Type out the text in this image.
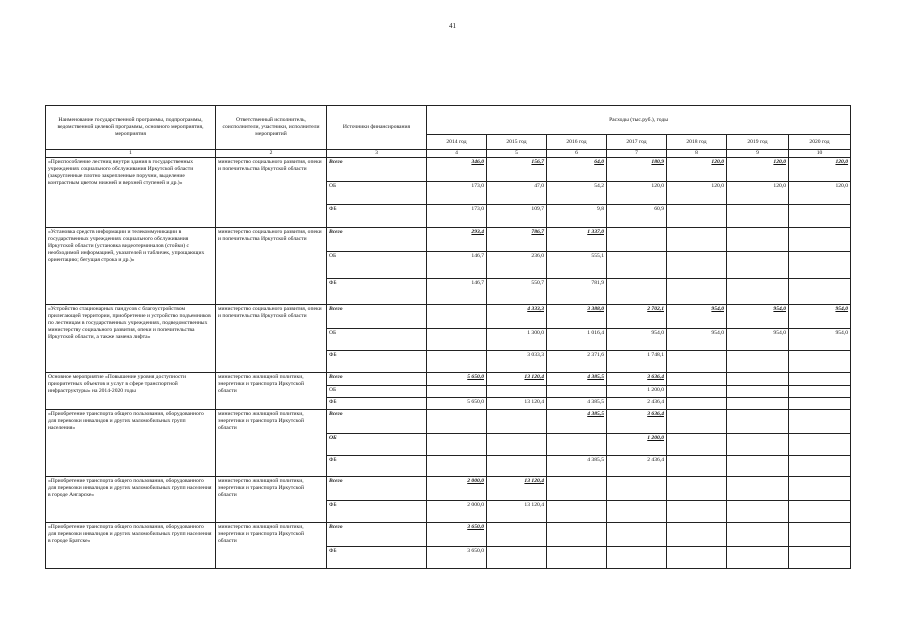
41
Наименование государственной программы, подпрограммы, ведомственной целевой программы, основного мероприятия, мероприятия	Ответственный исполнитель, соисполнители, участники, исполнители мероприятий	Источники финансирования	Расходы (тыс.руб.), годы						
			2014 год	2015 год	2016 год	2017 год	2018 год	2019 год	2020 год
1	2	3	4	5	6	7	8	9	10
«Приспособление лестниц внутри здания в государственных учреждениях социального обслуживания Иркутской области (закругленные плотно закрепленные поручни, выделение контрастным цветом нижней и верхней ступеней и др.)»	министерство социального развития, опеки и попечительства Иркутской области	Всего	346,0	156,7	64,0	180,9	120,0	120,0	120,0
		ОБ	173,0	47,0	54,2	120,0	120,0	120,0	120,0
		ФБ	173,0	109,7	9,8	60,9			
«Установка средств информации и телекоммуникации в государственных учреждениях социального обслуживания Иркутской области (установка видеотерминалов (стойки) с необходимой информацией, указателей и табличек, упрощающих ориентацию; бегущая строка и др.)»	министерство социального развития, опеки и попечительства Иркутской области	Всего	293,4	786,7	1 337,0				
		ОБ	146,7	236,0	555,1				
		ФБ	146,7	550,7	781,9				
«Устройство стационарных пандусов с благоустройством прилегающей территории, приобретение и устройство подъемников по лестницам в государственных учреждениях, подведомственных министерству социального развития, опеки и попечительства Иркутской области, а также замена лифта»	министерство социального развития, опеки и попечительства Иркутской области	Всего		4 333,3	3 388,0	2 702,1	954,0	954,0	954,0
		ОБ		1 300,0	1 016,4	954,0	954,0	954,0	954,0
		ФБ		3 033,3	2 371,6	1 748,1			
Основное мероприятие «Повышение уровня доступности приоритетных объектов и услуг в сфере транспортной инфраструктуры» на 2014-2020 годы	министерство жилищной политики, энергетики и транспорта Иркутской области	Всего	5 650,0	13 120,4	4 385,5	3 636,4			
		ОБ				1 200,0			
		ФБ	5 650,0	13 120,4	4 385,5	2 436,4			
«Приобретение транспорта общего пользования, оборудованного для перевозки инвалидов и других маломобильных групп населения»	министерство жилищной политики, энергетики и транспорта Иркутской области	Всего			4 385,5	3 636,4			
		ОБ				1 200,0			
		ФБ			4 385,5	2 436,4			
«Приобретение транспорта общего пользования, оборудованного для перевозки инвалидов и других маломобильных групп населения в городе Ангарске»	министерство жилищной политики, энергетики и транспорта Иркутской области	Всего	2 000,0	13 120,4					
		ФБ	2 000,0	13 120,4					
«Приобретение транспорта общего пользования, оборудованного для перевозки инвалидов и других маломобильных групп населения в городе Братске»	министерство жилищной политики, энергетики и транспорта Иркутской области	Всего	3 650,0						
		ФБ	3 650,0						
